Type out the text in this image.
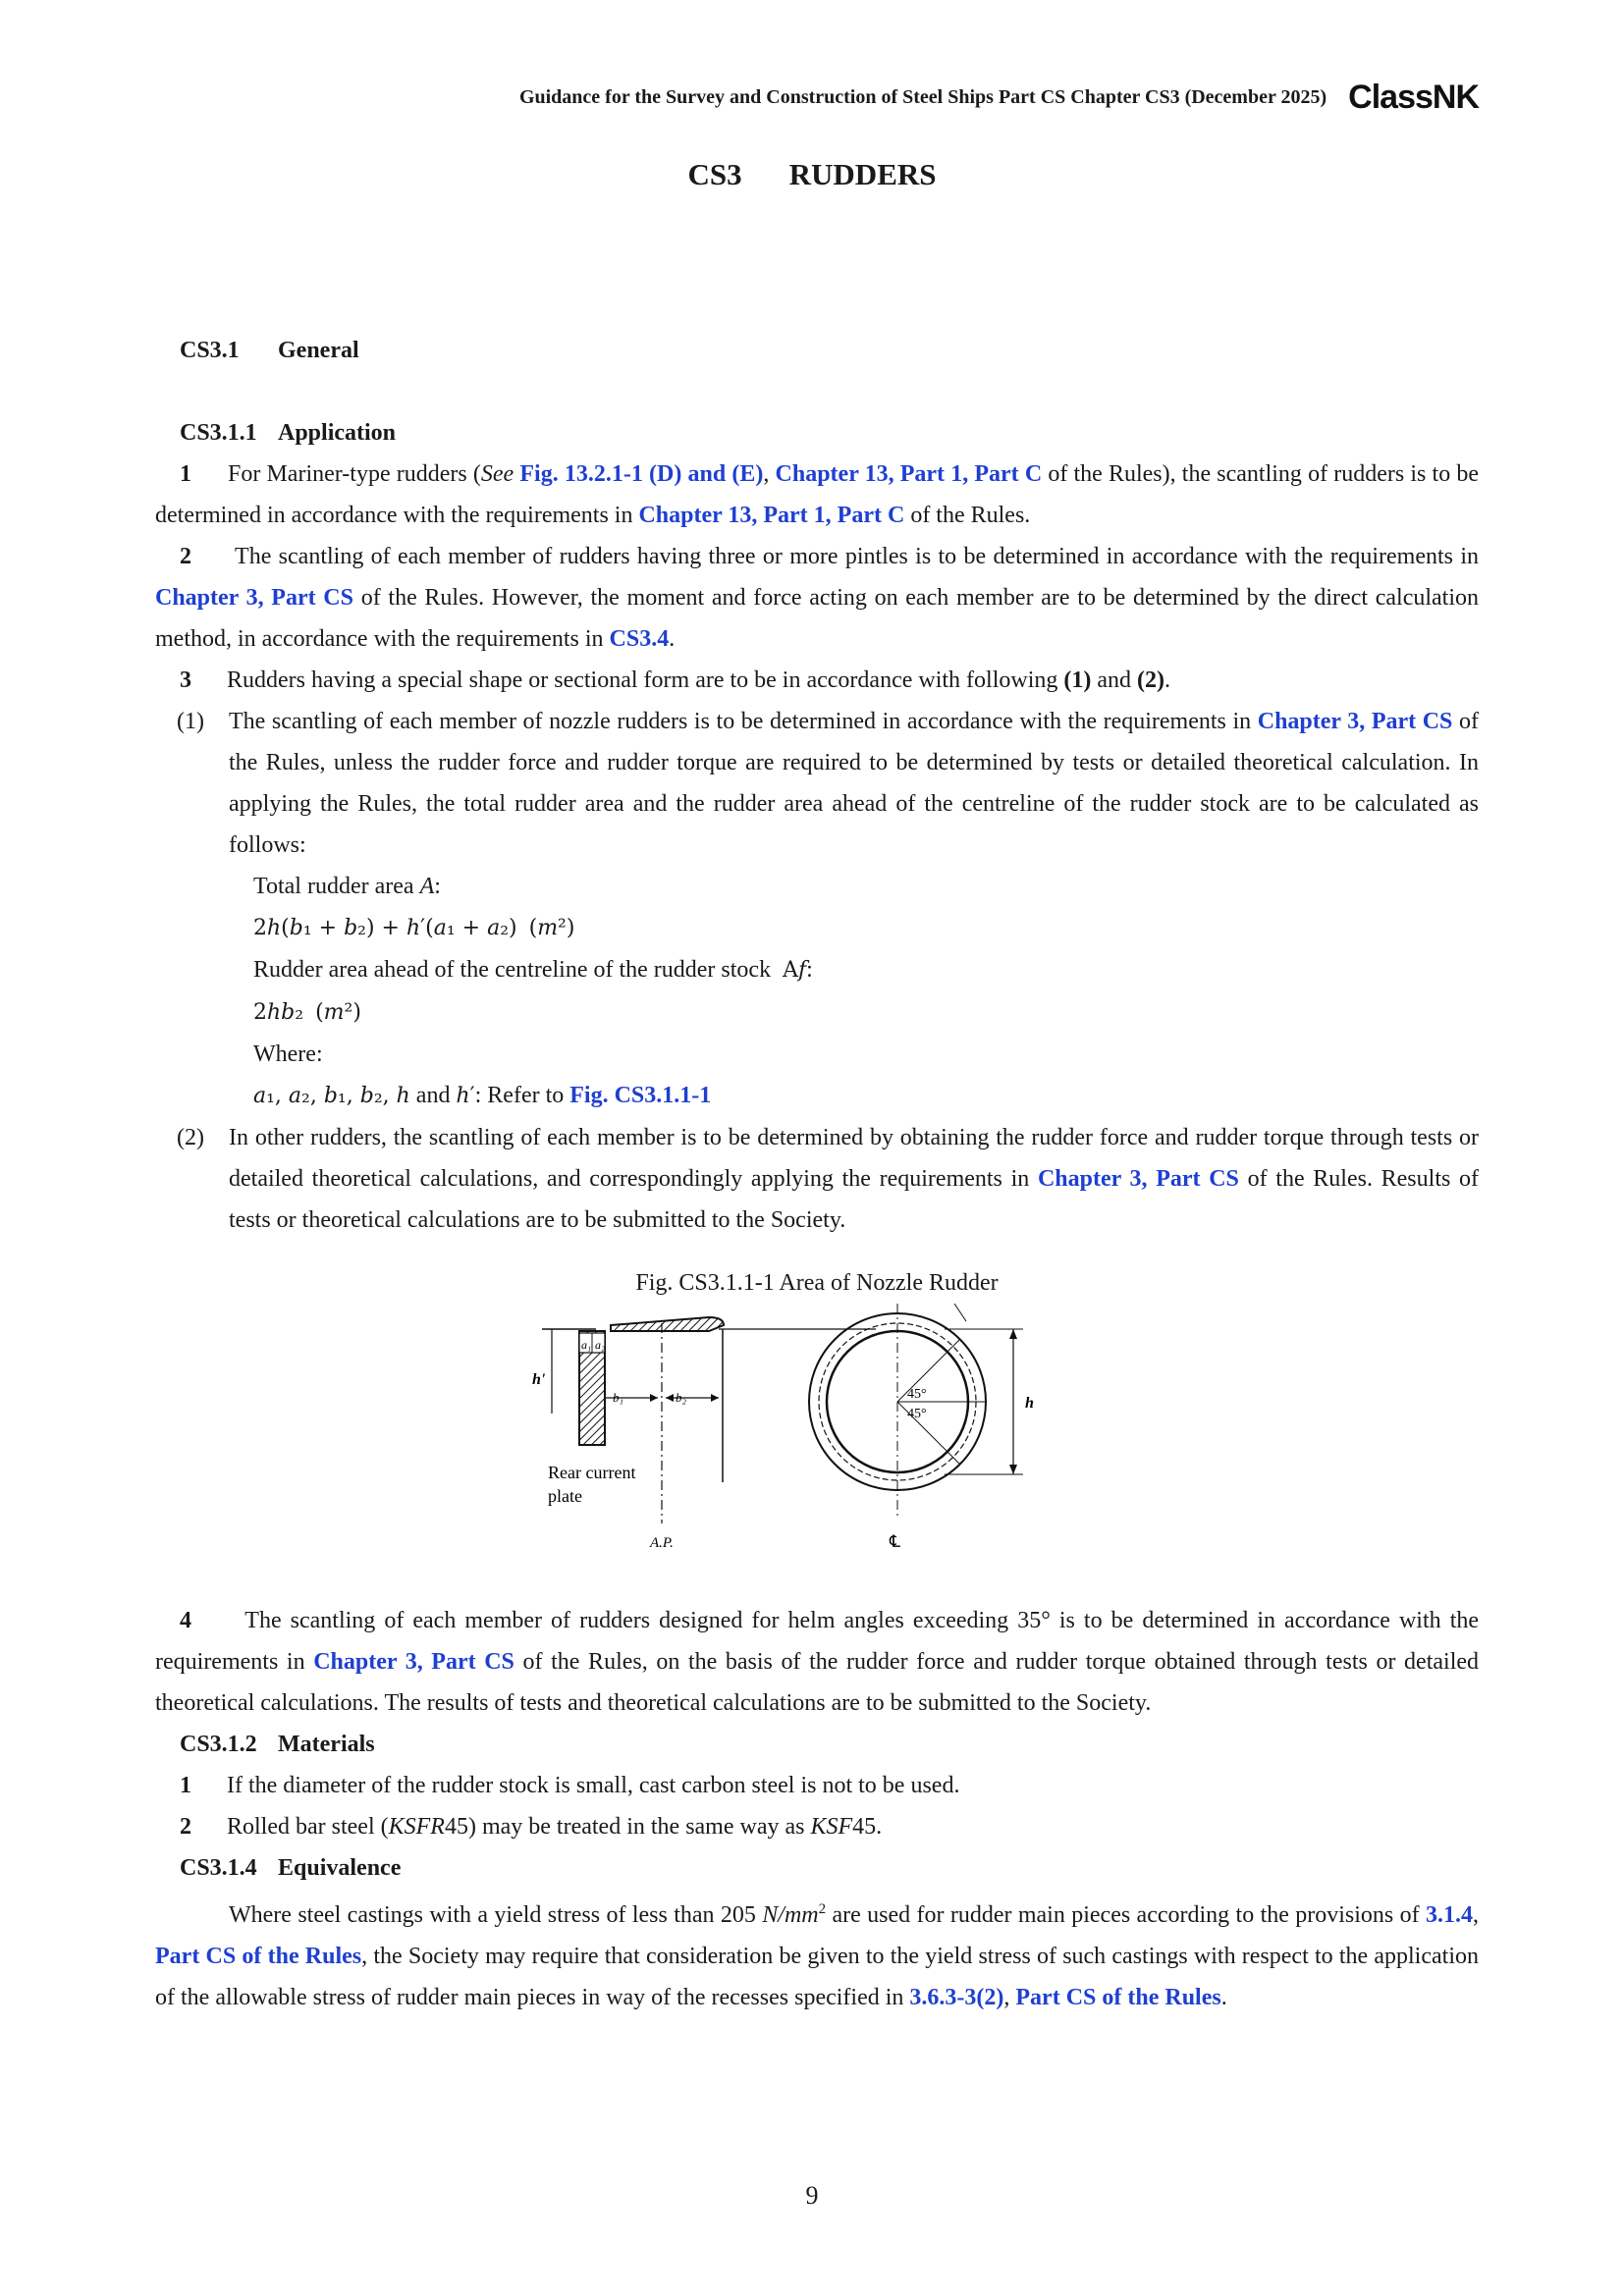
Guidance for the Survey and Construction of Steel Ships Part CS Chapter CS3 (December 2025) ClassNK
CS3 RUDDERS

CS3.1 General

CS3.1.1 Application

1 For Mariner-type rudders (See Fig. 13.2.1-1 (D) and (E), Chapter 13, Part 1, Part C of the Rules), the scantling of rudders is to be determined in accordance with the requirements in Chapter 13, Part 1, Part C of the Rules.

2 The scantling of each member of rudders having three or more pintles is to be determined in accordance with the requirements in Chapter 3, Part CS of the Rules. However, the moment and force acting on each member are to be determined by the direct calculation method, in accordance with the requirements in CS3.4.

3 Rudders having a special shape or sectional form are to be in accordance with following (1) and (2).

(1) The scantling of each member of nozzle rudders is to be determined in accordance with the requirements in Chapter 3, Part CS of the Rules, unless the rudder force and rudder torque are required to be determined by tests or detailed theoretical calculation. In applying the Rules, the total rudder area and the rudder area ahead of the centreline of the rudder stock are to be calculated as follows:

Total rudder area A:
2ℎ(𝑏₁ + 𝑏₂) + ℎ′(𝑎₁ + 𝑎₂) (𝑚²)
Rudder area ahead of the centreline of the rudder stock  A𝑓:
2ℎ𝑏₂ (𝑚²)
Where:
𝑎₁, 𝑎₂, 𝑏₁, 𝑏₂, ℎ and ℎ′: Refer to Fig. CS3.1.1-1
(2) In other rudders, the scantling of each member is to be determined by obtaining the rudder force and rudder torque through tests or detailed theoretical calculations, and correspondingly applying the requirements in Chapter 3, Part CS of the Rules. Results of tests or theoretical calculations are to be submitted to the Society.

Fig. CS3.1.1-1 Area of Nozzle Rudder

a₁ a₂
h'
b₁	b₂	45°
45°
h
Rear current
plate
A.P.	℄

4 The scantling of each member of rudders designed for helm angles exceeding 35° is to be determined in accordance with the requirements in Chapter 3, Part CS of the Rules, on the basis of the rudder force and rudder torque obtained through tests or detailed theoretical calculations. The results of tests and theoretical calculations are to be submitted to the Society.

CS3.1.2 Materials

1 If the diameter of the rudder stock is small, cast carbon steel is not to be used.

2 Rolled bar steel (KSFR45) may be treated in the same way as KSF45.

CS3.1.4 Equivalence

Where steel castings with a yield stress of less than 205 $N/mm^2$ are used for rudder main pieces according to the provisions of 3.1.4, Part CS of the Rules, the Society may require that consideration be given to the yield stress of such castings with respect to the application of the allowable stress of rudder main pieces in way of the recesses specified in 3.6.3-3(2), Part CS of the Rules.

9
